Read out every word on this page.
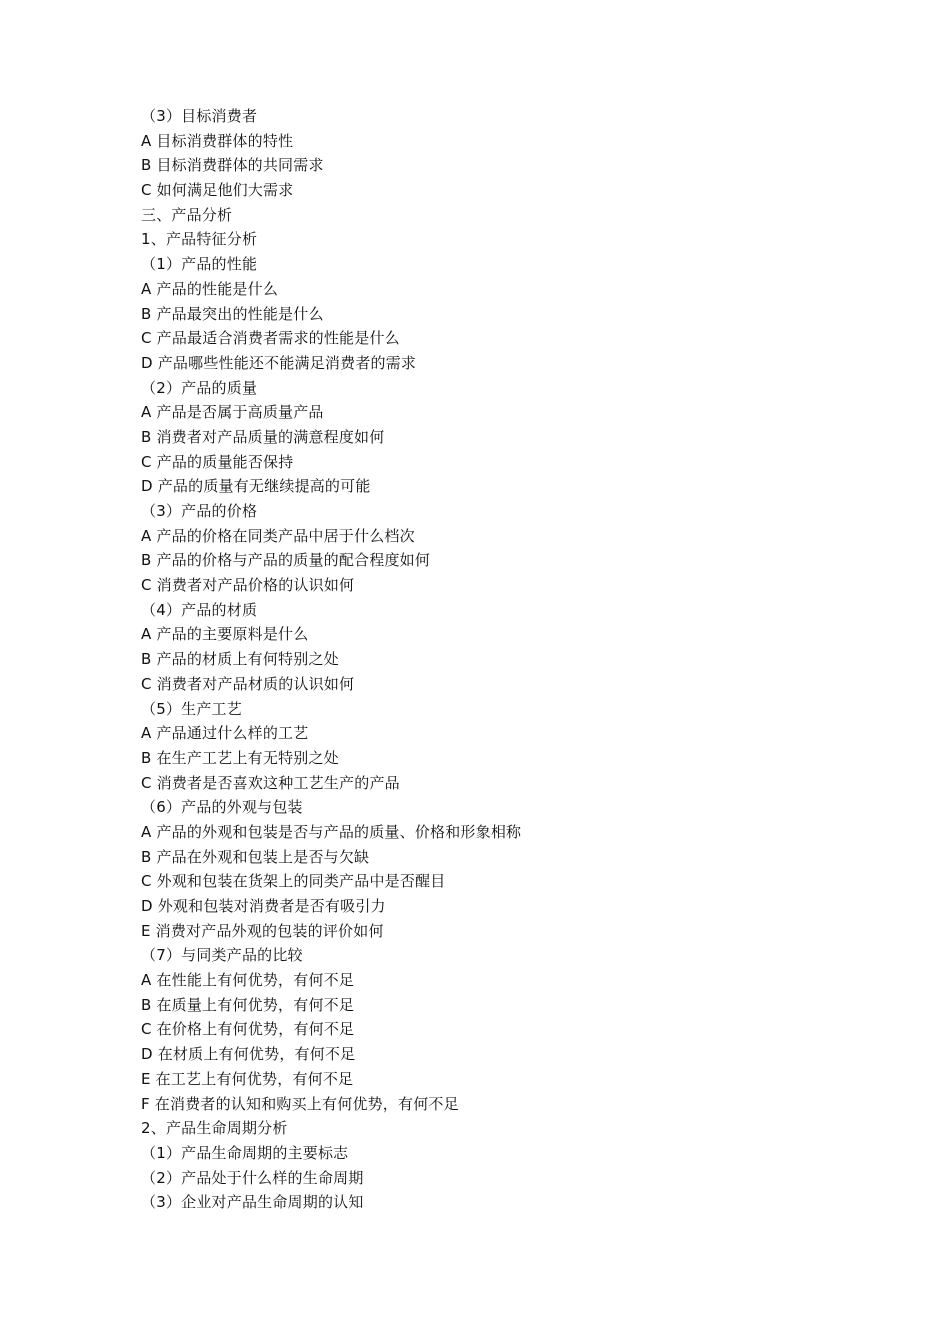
（3）目标消费者
A 目标消费群体的特性
B 目标消费群体的共同需求
C 如何满足他们大需求
三、产品分析
1、产品特征分析
（1）产品的性能
A 产品的性能是什么
B 产品最突出的性能是什么
C 产品最适合消费者需求的性能是什么
D 产品哪些性能还不能满足消费者的需求
（2）产品的质量
A 产品是否属于高质量产品
B 消费者对产品质量的满意程度如何
C 产品的质量能否保持
D 产品的质量有无继续提高的可能
（3）产品的价格
A 产品的价格在同类产品中居于什么档次
B 产品的价格与产品的质量的配合程度如何
C 消费者对产品价格的认识如何
（4）产品的材质
A 产品的主要原料是什么
B 产品的材质上有何特别之处
C 消费者对产品材质的认识如何
（5）生产工艺
A 产品通过什么样的工艺
B 在生产工艺上有无特别之处
C 消费者是否喜欢这种工艺生产的产品
（6）产品的外观与包装
A 产品的外观和包装是否与产品的质量、价格和形象相称
B 产品在外观和包装上是否与欠缺
C 外观和包装在货架上的同类产品中是否醒目
D 外观和包装对消费者是否有吸引力
E 消费对产品外观的包装的评价如何
（7）与同类产品的比较
A 在性能上有何优势，有何不足
B 在质量上有何优势，有何不足
C 在价格上有何优势，有何不足
D 在材质上有何优势，有何不足
E 在工艺上有何优势，有何不足
F 在消费者的认知和购买上有何优势，有何不足
2、产品生命周期分析
（1）产品生命周期的主要标志
（2）产品处于什么样的生命周期
（3）企业对产品生命周期的认知
